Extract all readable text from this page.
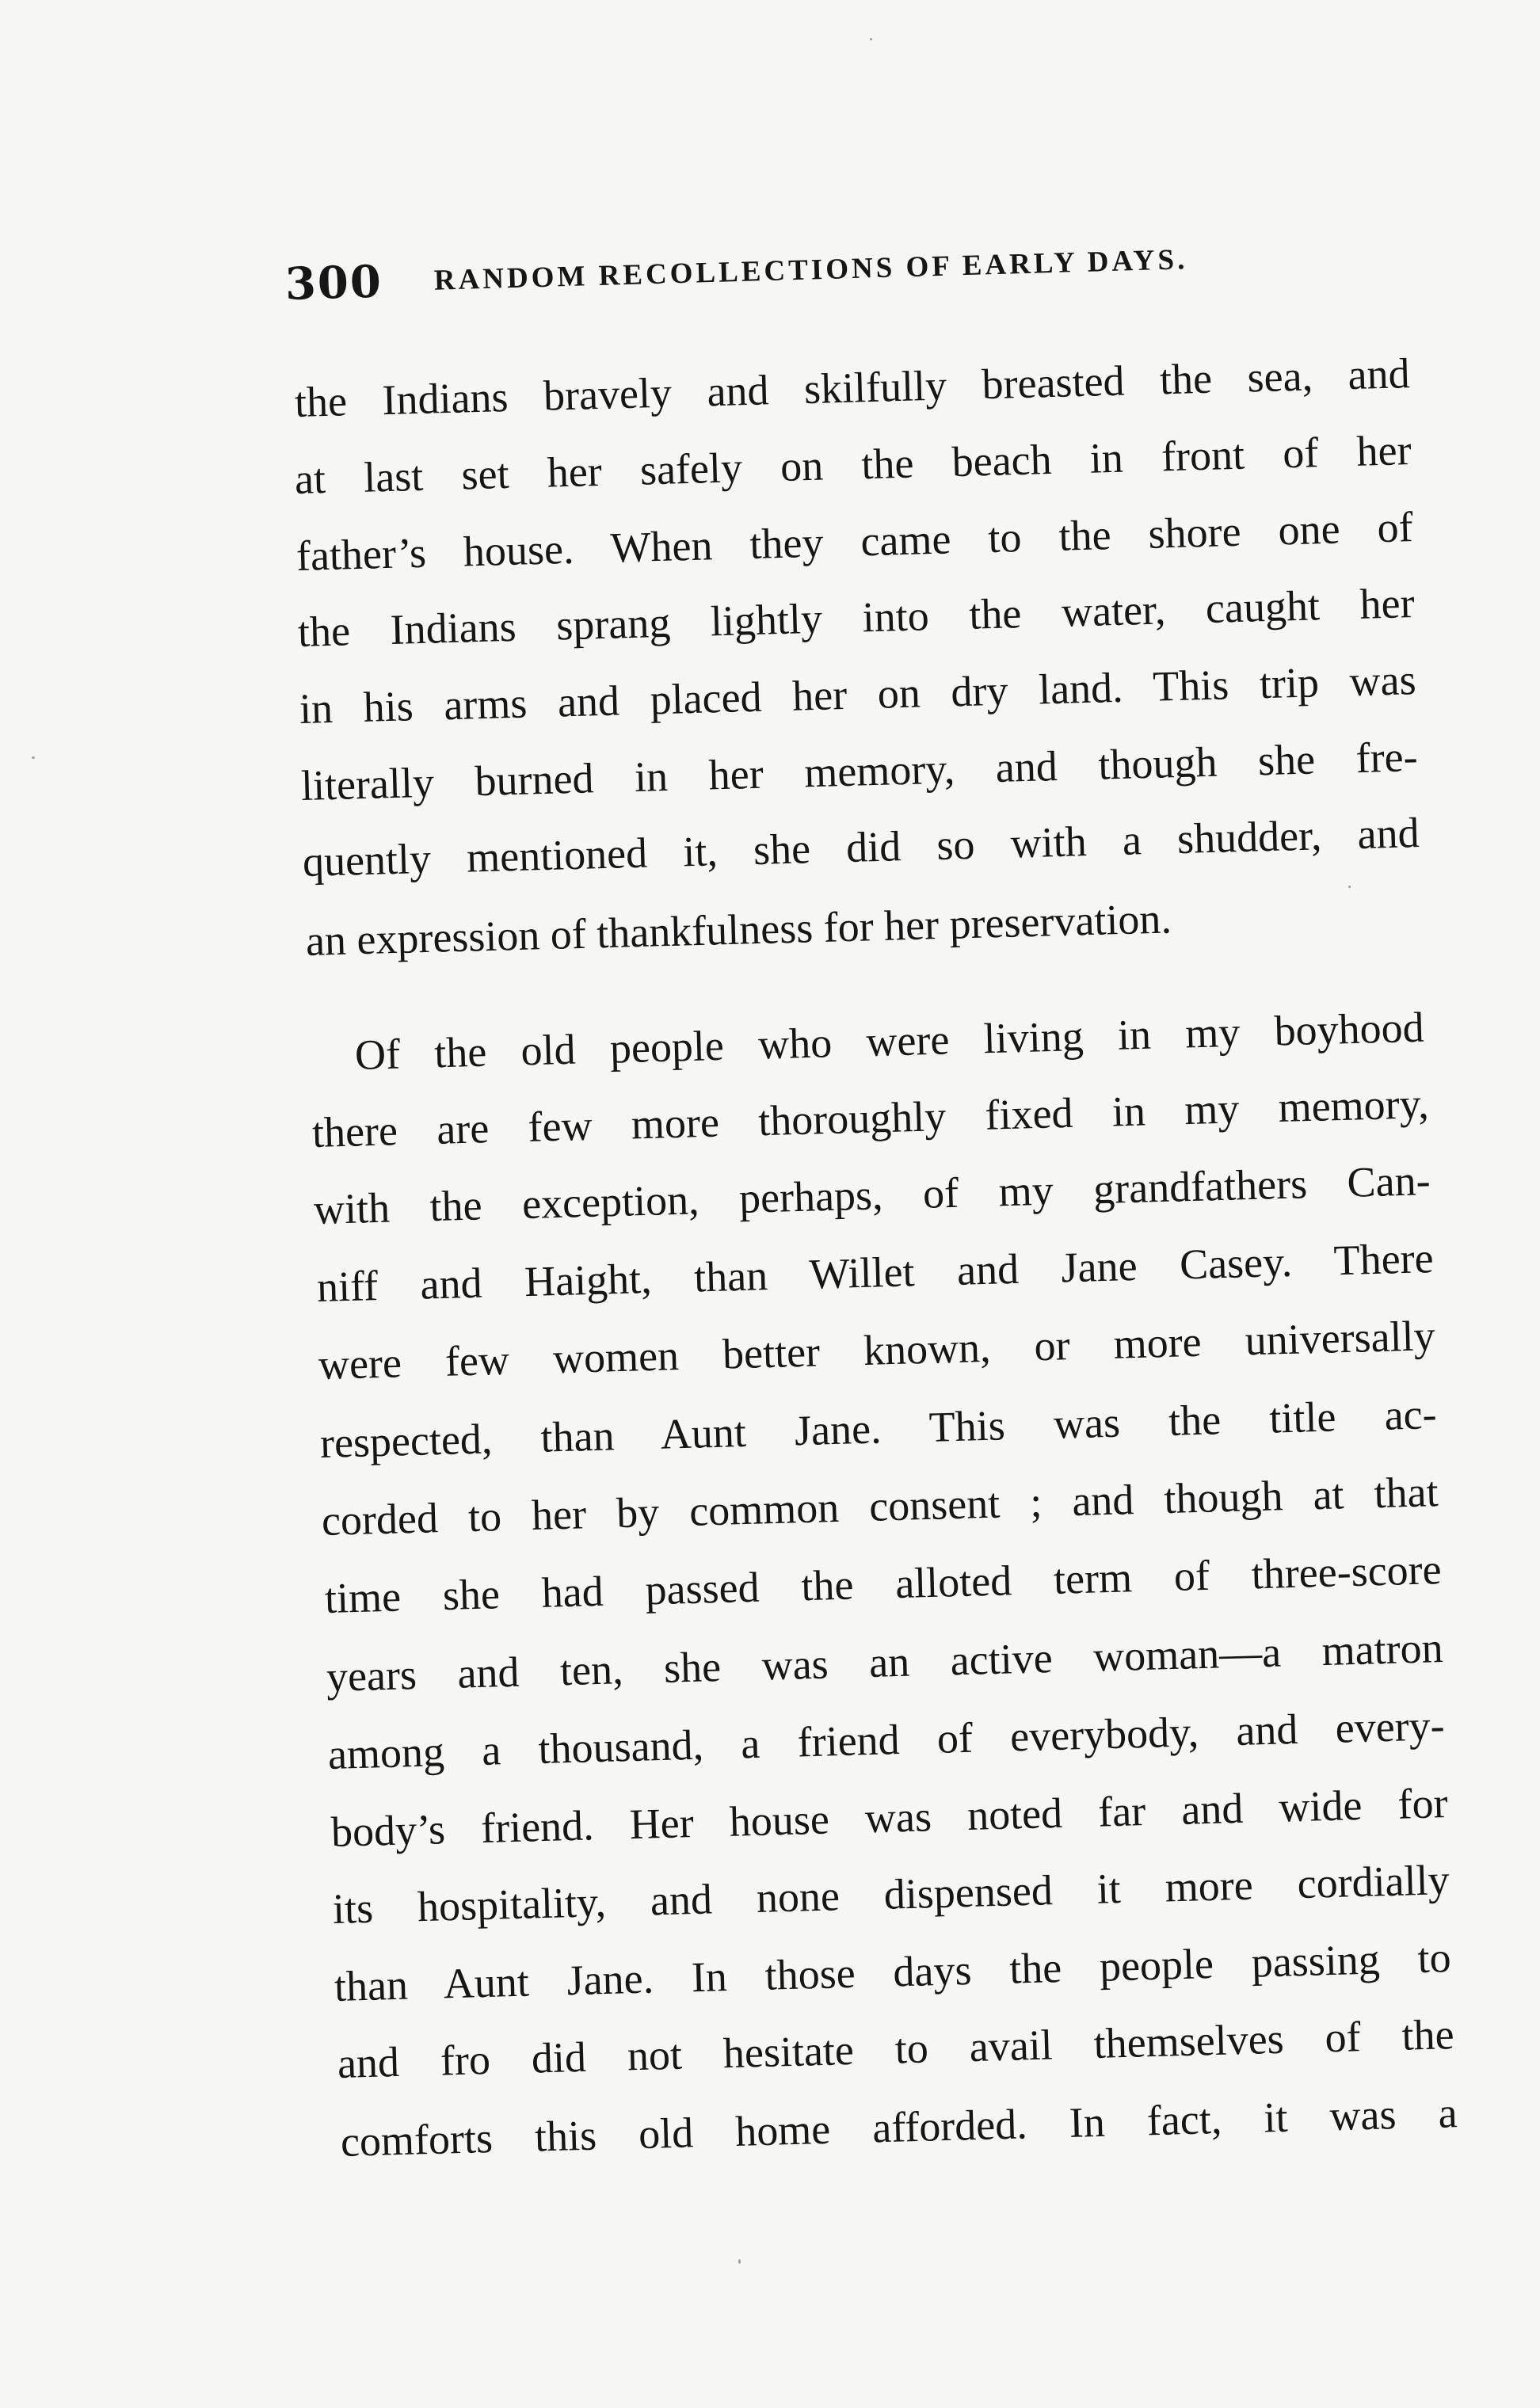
300 RANDOM RECOLLECTIONS OF EARLY DAYS.
the Indians bravely and skilfully breasted the sea, and
at last set her safely on the beach in front of her
father’s house. When they came to the shore one of
the Indians sprang lightly into the water, caught her
in his arms and placed her on dry land. This trip was
literally burned in her memory, and though she fre-
quently mentioned it, she did so with a shudder, and
an expression of thankfulness for her preservation.
Of the old people who were living in my boyhood
there are few more thoroughly fixed in my memory,
with the exception, perhaps, of my grandfathers Can-
niff and Haight, than Willet and Jane Casey. There
were few women better known, or more universally
respected, than Aunt Jane. This was the title ac-
corded to her by common consent ; and though at that
time she had passed the alloted term of three-score
years and ten, she was an active woman—a matron
among a thousand, a friend of everybody, and every-
body’s friend. Her house was noted far and wide for
its hospitality, and none dispensed it more cordially
than Aunt Jane. In those days the people passing to
and fro did not hesitate to avail themselves of the
comforts this old home afforded. In fact, it was a
